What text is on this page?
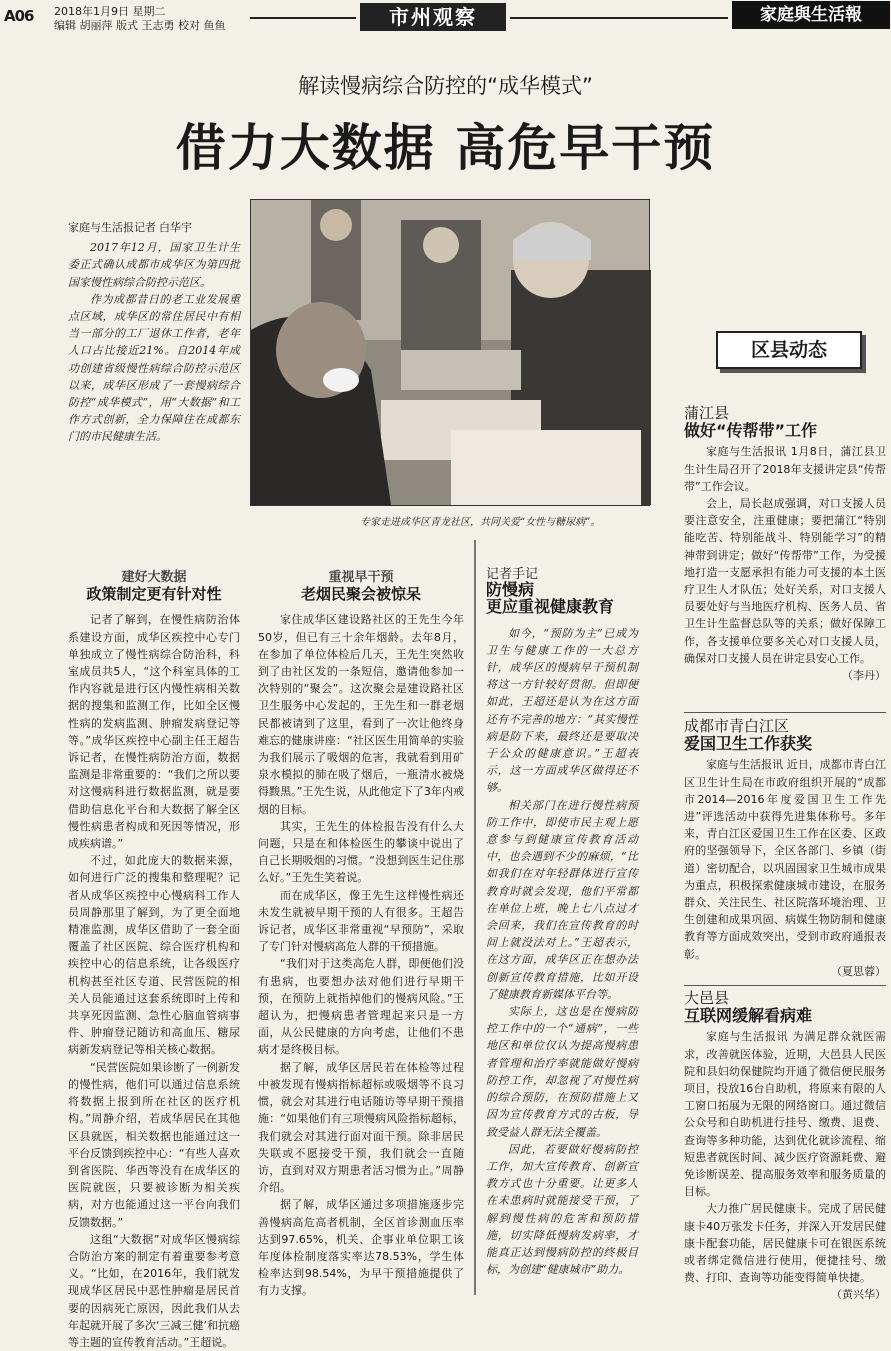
A06 2018年1月9日 星期二
编辑 胡丽萍 版式 王志勇 校对 鱼鱼	市州观察	家庭與生活報
解读慢病综合防控的“成华模式”
借力大数据 高危早干预
家庭与生活报记者 白华宇

2017年12月，国家卫生计生委正式确认成都市成华区为第四批国家慢性病综合防控示范区。

作为成都昔日的老工业发展重点区域，成华区的常住居民中有相当一部分的工厂退休工作者，老年人口占比接近21%。自2014年成功创建省级慢性病综合防控示范区以来，成华区形成了一套慢病综合防控“成华模式”，用“大数据”和工作方式创新，全力保障住在成都东门的市民健康生活。

专家走进成华区青龙社区，共同关爱“女性与糖尿病”。
建好大数据
政策制定更有针对性

记者了解到，在慢性病防治体系建设方面，成华区疾控中心专门单独成立了慢性病综合防治科，科室成员共5人，“这个科室具体的工作内容就是进行区内慢性病相关数据的搜集和监测工作，比如全区慢性病的发病监测、肿瘤发病登记等等。”成华区疾控中心副主任王超告诉记者，在慢性病防治方面，数据监测是非常重要的：“我们之所以要对这慢病科进行数据监测，就是要借助信息化平台和大数据了解全区慢性病患者构成和死因等情况，形成疾病谱。”

不过，如此庞大的数据来源，如何进行广泛的搜集和整理呢？记者从成华区疾控中心慢病科工作人员周静那里了解到，为了更全面地精准监测，成华区借助了一套全面覆盖了社区医院、综合医疗机构和疾控中心的信息系统，让各级医疗机构甚至社区专道、民营医院的相关人员能通过这套系统即时上传和共享死因监测、急性心脑血管病事件、肿瘤登记随访和高血压、糖尿病新发病登记等相关核心数据。

“民营医院如果诊断了一例新发的慢性病，他们可以通过信息系统将数据上报到所在社区的医疗机构。”周静介绍，若成华居民在其他区县就医，相关数据也能通过这一平台反馈到疾控中心：“有些人喜欢到省医院、华西等没有在成华区的医院就医，只要被诊断为相关疾病，对方也能通过这一平台向我们反馈数据。”

这组“大数据”对成华区慢病综合防治方案的制定有着重要参考意义。“比如，在2016年，我们就发现成华区居民中恶性肿瘤是居民首要的因病死亡原因，因此我们从去年起就开展了多次‘三减三健’和抗癌等主题的宣传教育活动。”王超说。

重视早干预
老烟民聚会被惊呆

家住成华区建设路社区的王先生今年50岁，但已有三十余年烟龄。去年8月，在参加了单位体检后几天，王先生突然收到了由社区发的一条短信，邀请他参加一次特别的“聚会”。这次聚会是建设路社区卫生服务中心发起的，王先生和一群老烟民都被请到了这里，看到了一次让他终身难忘的健康讲座：“社区医生用简单的实验为我们展示了吸烟的危害，我就看到用矿泉水模拟的肺在吸了烟后，一瓶清水被烧得黢黑。”王先生说，从此他定下了3年内戒烟的目标。

其实，王先生的体检报告没有什么大问题，只是在和体检医生的攀谈中说出了自己长期吸烟的习惯。“没想到医生记住那么好。”王先生笑着说。

而在成华区，像王先生这样慢性病还未发生就被早期干预的人有很多。王超告诉记者，成华区非常重视“早预防”，采取了专门针对慢病高危人群的干预措施。

“我们对于这类高危人群，即便他们没有患病，也要想办法对他们进行早期干预，在预防上就指掉他们的慢病风险。”王超认为，把慢病患者管理起来只是一方面，从公民健康的方向考虑，让他们不患病才是终极目标。

据了解，成华区居民若在体检等过程中被发现有慢病指标超标或吸烟等不良习惯，就会对其进行电话随访等早期干预措施：“如果他们有三项慢病风险指标超标，我们就会对其进行面对面干预。除非居民失联或不愿接受干预，我们就会一直随访，直到对双方期患者活习惯为止。”周静介绍。

据了解，成华区通过多项措施逐步完善慢病高危高者机制，全区首诊测血压率达到97.65%，机关、企事业单位职工该年度体检制度落实率达78.53%，学生体检率达到98.54%，为早干预措施提供了有力支撑。

记者手记
防慢病
更应重视健康教育

如今，“预防为主”已成为卫生与健康工作的一大总方针，成华区的慢病早干预机制将这一方针较好贯彻。但即便如此，王超还是认为在这方面还有不完善的地方：“其实慢性病是防下来，最终还是要取决于公众的健康意识。”王超表示，这一方面成华区做得还不够。

相关部门在进行慢性病预防工作中，即使市民主观上愿意参与到健康宣传教育活动中，也会遇到不少的麻烦，“比如我们在对年轻群体进行宣传教育时就会发现，他们平常都在单位上班，晚上七八点过才会回来，我们在宣传教育的时间上就没法对上。”王超表示，在这方面，成华区正在想办法创新宣传教育措施，比如开设了健康教育新媒体平台等。

实际上，这也是在慢病防控工作中的一个“通病”，一些地区和单位仅认为提高慢病患者管理和治疗率就能做好慢病防控工作，却忽视了对慢性病的综合预防，在预防措施上又因为宣传教育方式的古板，导致受益人群无法全覆盖。

因此，若要做好慢病防控工作，加大宣传教育、创新宣教方式也十分重要。让更多人在未患病时就能接受干预，了解到慢性病的危害和预防措施，切实降低慢病发病率，才能真正达到慢病防控的终极目标，为创建“健康城市”助力。

区县动态
蒲江县
做好“传帮带”工作

家庭与生活报讯 1月8日，蒲江县卫生计生局召开了2018年支援讲定县“传帮带”工作会议。

会上，局长赵成强调，对口支援人员要注意安全，注重健康；要把蒲江“特别能吃苦、特别能战斗、特别能学习”的精神带到讲定；做好“传帮带”工作，为受援地打造一支愿承担有能力可支援的本土医疗卫生人才队伍；处好关系，对口支援人员要处好与当地医疗机构、医务人员、省卫生计生监督总队等的关系；做好保障工作，各支援单位要多关心对口支援人员，确保对口支援人员在讲定县安心工作。

（李丹）
成都市青白江区
爱国卫生工作获奖

家庭与生活报讯 近日，成都市青白江区卫生计生局在市政府组织开展的“成都市2014—2016年度爱国卫生工作先进”评选活动中获得先进集体称号。多年来，青白江区爱国卫生工作在区委、区政府的坚强领导下，全区各部门、乡镇（街道）密切配合，以巩固国家卫生城市成果为重点，积极探索健康城市建设，在服务群众、关注民生、社区院落环境治理、卫生创建和成果巩固、病媒生物防制和健康教育等方面成效突出，受到市政府通报表彰。

（夏思蓉）
大邑县
互联网缓解看病难

家庭与生活报讯 为满足群众就医需求，改善就医体验，近期，大邑县人民医院和县妇幼保健院均开通了微信便民服务项目，投放16台自助机，将原来有限的人工窗口拓展为无限的网络窗口。通过微信公众号和自助机进行挂号、缴费、退费、查询等多种功能，达到优化就诊流程、缩短患者就医时间、减少医疗资源耗费、避免诊断误差、提高服务效率和服务质量的目标。

大力推广居民健康卡。完成了居民健康卡40万张发卡任务，并深入开发居民健康卡配套功能，居民健康卡可在银医系统或者绑定微信进行使用，便捷挂号、缴费、打印、查询等功能变得简单快捷。

（黄兴华）
